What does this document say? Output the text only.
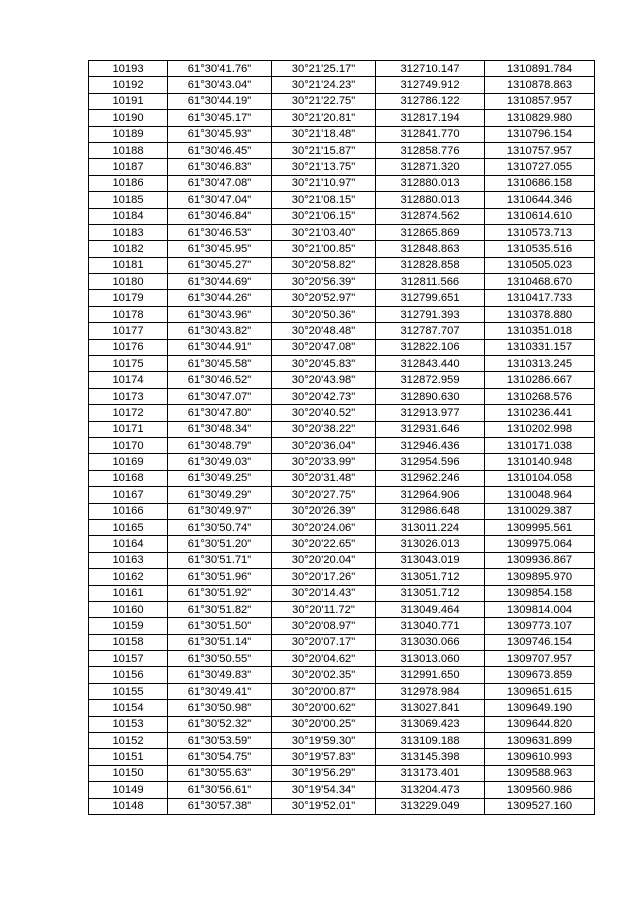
10193	61°30'41.76"	30°21'25.17"	312710.147	1310891.784
10192	61°30'43.04"	30°21'24.23"	312749.912	1310878.863
10191	61°30'44.19"	30°21'22.75"	312786.122	1310857.957
10190	61°30'45.17"	30°21'20.81"	312817.194	1310829.980
10189	61°30'45.93"	30°21'18.48"	312841.770	1310796.154
10188	61°30'46.45"	30°21'15.87"	312858.776	1310757.957
10187	61°30'46.83"	30°21'13.75"	312871.320	1310727.055
10186	61°30'47.08"	30°21'10.97"	312880.013	1310686.158
10185	61°30'47.04"	30°21'08.15"	312880.013	1310644.346
10184	61°30'46.84"	30°21'06.15"	312874.562	1310614.610
10183	61°30'46.53"	30°21'03.40"	312865.869	1310573.713
10182	61°30'45.95"	30°21'00.85"	312848.863	1310535.516
10181	61°30'45.27"	30°20'58.82"	312828.858	1310505.023
10180	61°30'44.69"	30°20'56.39"	312811.566	1310468.670
10179	61°30'44.26"	30°20'52.97"	312799.651	1310417.733
10178	61°30'43.96"	30°20'50.36"	312791.393	1310378.880
10177	61°30'43.82"	30°20'48.48"	312787.707	1310351.018
10176	61°30'44.91"	30°20'47.08"	312822.106	1310331.157
10175	61°30'45.58"	30°20'45.83"	312843.440	1310313.245
10174	61°30'46.52"	30°20'43.98"	312872.959	1310286.667
10173	61°30'47.07"	30°20'42.73"	312890.630	1310268.576
10172	61°30'47.80"	30°20'40.52"	312913.977	1310236.441
10171	61°30'48.34"	30°20'38.22"	312931.646	1310202.998
10170	61°30'48.79"	30°20'36.04"	312946.436	1310171.038
10169	61°30'49.03"	30°20'33.99"	312954.596	1310140.948
10168	61°30'49.25"	30°20'31.48"	312962.246	1310104.058
10167	61°30'49.29"	30°20'27.75"	312964.906	1310048.964
10166	61°30'49.97"	30°20'26.39"	312986.648	1310029.387
10165	61°30'50.74"	30°20'24.06"	313011.224	1309995.561
10164	61°30'51.20"	30°20'22.65"	313026.013	1309975.064
10163	61°30'51.71"	30°20'20.04"	313043.019	1309936.867
10162	61°30'51.96"	30°20'17.26"	313051.712	1309895.970
10161	61°30'51.92"	30°20'14.43"	313051.712	1309854.158
10160	61°30'51.82"	30°20'11.72"	313049.464	1309814.004
10159	61°30'51.50"	30°20'08.97"	313040.771	1309773.107
10158	61°30'51.14"	30°20'07.17"	313030.066	1309746.154
10157	61°30'50.55"	30°20'04.62"	313013.060	1309707.957
10156	61°30'49.83"	30°20'02.35"	312991.650	1309673.859
10155	61°30'49.41"	30°20'00.87"	312978.984	1309651.615
10154	61°30'50.98"	30°20'00.62"	313027.841	1309649.190
10153	61°30'52.32"	30°20'00.25"	313069.423	1309644.820
10152	61°30'53.59"	30°19'59.30"	313109.188	1309631.899
10151	61°30'54.75"	30°19'57.83"	313145.398	1309610.993
10150	61°30'55.63"	30°19'56.29"	313173.401	1309588.963
10149	61°30'56.61"	30°19'54.34"	313204.473	1309560.986
10148	61°30'57.38"	30°19'52.01"	313229.049	1309527.160
